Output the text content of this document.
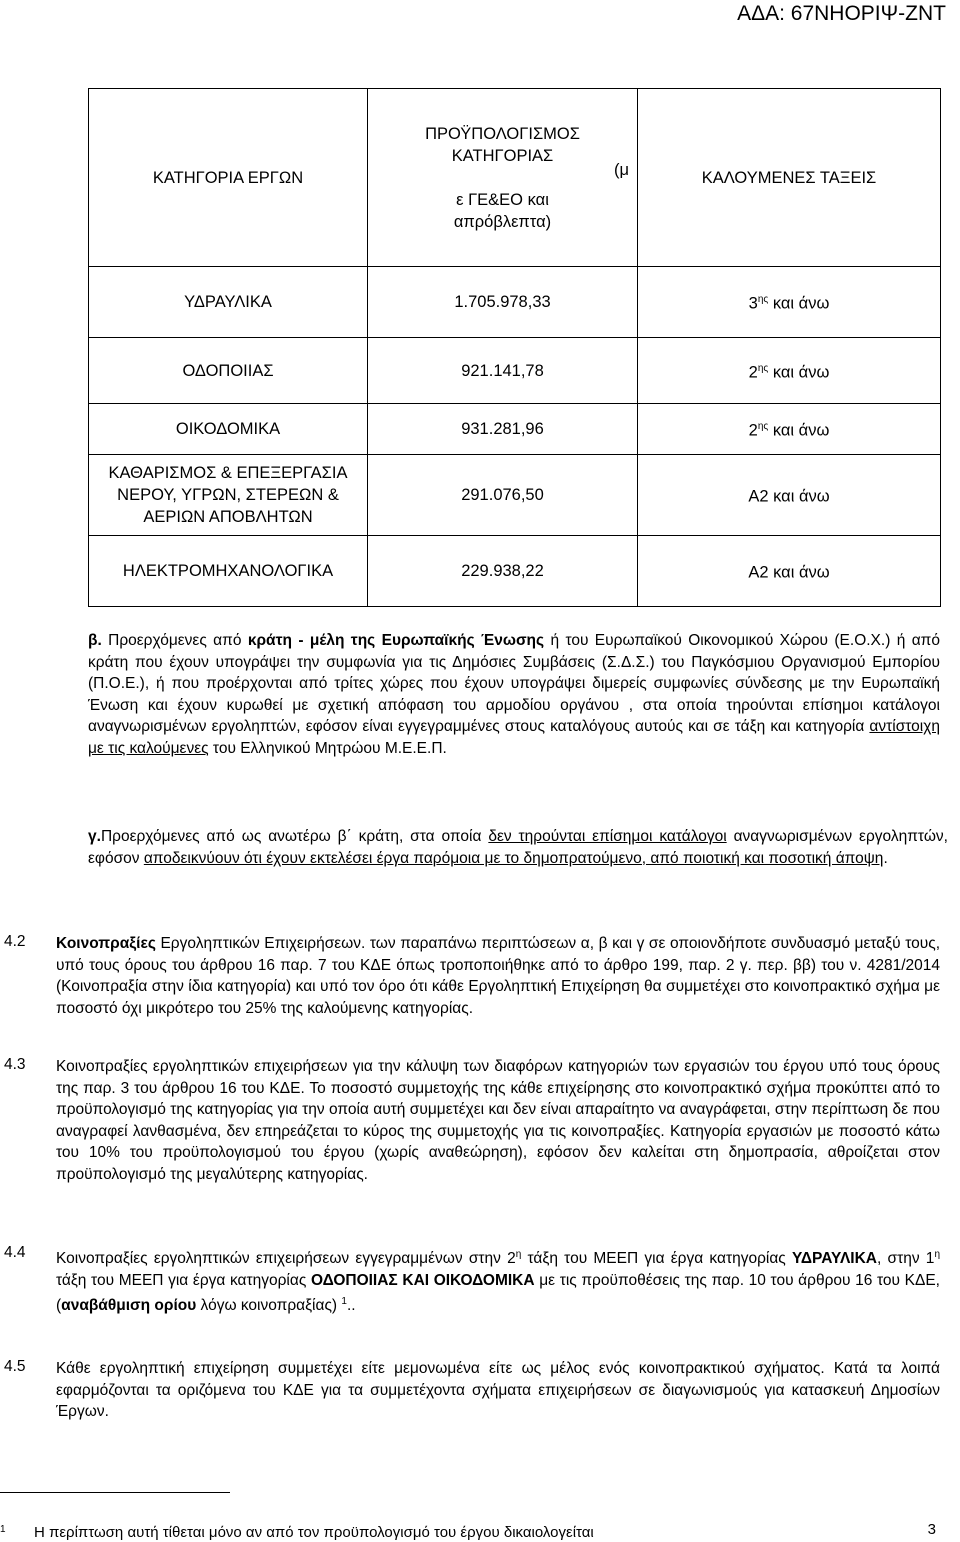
ΑΔΑ: 67ΝΗΟΡΙΨ-ΖΝΤ
ΚΑΤΗΓΟΡΙΑ ΕΡΓΩΝ	ΠΡΟΫΠΟΛΟΓΙΣΜΟΣ
ΚΑΤΗΓΟΡΙΑΣ

(μ

ε ΓΕ&ΕΟ και
απρόβλεπτα)	ΚΑΛΟΥΜΕΝΕΣ ΤΑΞΕΙΣ
ΥΔΡΑΥΛΙΚΑ	1.705.978,33	$3^{\eta\varsigma}$ και άνω
ΟΔΟΠΟΙΙΑΣ	921.141,78	$2^{\eta\varsigma}$ και άνω
ΟΙΚΟΔΟΜΙΚΑ	931.281,96	$2^{\eta\varsigma}$ και άνω
ΚΑΘΑΡΙΣΜΟΣ & ΕΠΕΞΕΡΓΑΣΙΑ ΝΕΡΟΥ, ΥΓΡΩΝ, ΣΤΕΡΕΩΝ & ΑΕΡΙΩΝ ΑΠΟΒΛΗΤΩΝ	291.076,50	Α2 και άνω
ΗΛΕΚΤΡΟΜΗΧΑΝΟΛΟΓΙΚΑ	229.938,22	Α2 και άνω
β. Προερχόμενες από κράτη - μέλη της Ευρωπαϊκής Ένωσης ή του Ευρωπαϊκού Οικονομικού Χώρου (Ε.Ο.Χ.) ή από κράτη που έχουν υπογράψει την συμφωνία για τις Δημόσιες Συμβάσεις (Σ.Δ.Σ.) του Παγκόσμιου Οργανισμού Εμπορίου (Π.Ο.Ε.), ή που προέρχονται από τρίτες χώρες που έχουν υπογράψει διμερείς συμφωνίες σύνδεσης με την Ευρωπαϊκή Ένωση και έχουν κυρωθεί με σχετική απόφαση του αρμοδίου οργάνου , στα οποία τηρούνται επίσημοι κατάλογοι αναγνωρισμένων εργοληπτών, εφόσον είναι εγγεγραμμένες στους καταλόγους αυτούς και σε τάξη και κατηγορία αντίστοιχη με τις καλούμενες του Ελληνικού Μητρώου Μ.Ε.Ε.Π.
γ.Προερχόμενες από ως ανωτέρω β΄ κράτη, στα οποία δεν τηρούνται επίσημοι κατάλογοι αναγνωρισμένων εργοληπτών, εφόσον αποδεικνύουν ότι έχουν εκτελέσει έργα παρόμοια με το δημοπρατούμενο, από ποιοτική και ποσοτική άποψη.
4.2 Κοινοπραξίες Εργοληπτικών Επιχειρήσεων. των παραπάνω περιπτώσεων α, β και γ σε οποιονδήποτε συνδυασμό μεταξύ τους, υπό τους όρους του άρθρου 16 παρ. 7 του ΚΔΕ όπως τροποποιήθηκε από το άρθρο 199, παρ. 2 γ. περ. ββ) του ν. 4281/2014 (Κοινοπραξία στην ίδια κατηγορία) και υπό τον όρο ότι κάθε Εργοληπτική Επιχείρηση θα συμμετέχει στο κοινοπρακτικό σχήμα με ποσοστό όχι μικρότερο του 25% της καλούμενης κατηγορίας.
4.3 Κοινοπραξίες εργοληπτικών επιχειρήσεων για την κάλυψη των διαφόρων κατηγοριών των εργασιών του έργου υπό τους όρους της παρ. 3 του άρθρου 16 του ΚΔΕ. Το ποσοστό συμμετοχής της κάθε επιχείρησης στο κοινοπρακτικό σχήμα προκύπτει από το προϋπολογισμό της κατηγορίας για την οποία αυτή συμμετέχει και δεν είναι απαραίτητο να αναγράφεται, στην περίπτωση δε που αναγραφεί λανθασμένα, δεν επηρεάζεται το κύρος της συμμετοχής για τις κοινοπραξίες. Κατηγορία εργασιών με ποσοστό κάτω του 10% του προϋπολογισμού του έργου (χωρίς αναθεώρηση), εφόσον δεν καλείται στη δημοπρασία, αθροίζεται στον προϋπολογισμό της μεγαλύτερης κατηγορίας.
4.4 Κοινοπραξίες εργοληπτικών επιχειρήσεων εγγεγραμμένων στην $2^\eta$ τάξη του ΜΕΕΠ για έργα κατηγορίας ΥΔΡΑΥΛΙΚΑ, στην $1^\eta$ τάξη του ΜΕΕΠ για έργα κατηγορίας ΟΔΟΠΟΙΙΑΣ ΚΑΙ ΟΙΚΟΔΟΜΙΚΑ με τις προϋποθέσεις της παρ. 10 του άρθρου 16 του ΚΔΕ, (αναβάθμιση ορίου λόγω κοινοπραξίας) $^1$..
4.5 Κάθε εργοληπτική επιχείρηση συμμετέχει είτε μεμονωμένα είτε ως μέλος ενός κοινοπρακτικού σχήματος. Κατά τα λοιπά εφαρμόζονται τα οριζόμενα του ΚΔΕ για τα συμμετέχοντα σχήματα επιχειρήσεων σε διαγωνισμούς για κατασκευή Δημοσίων Έργων.
$^1$ Η περίπτωση αυτή τίθεται μόνο αν από τον προϋπολογισμό του έργου δικαιολογείται	3
